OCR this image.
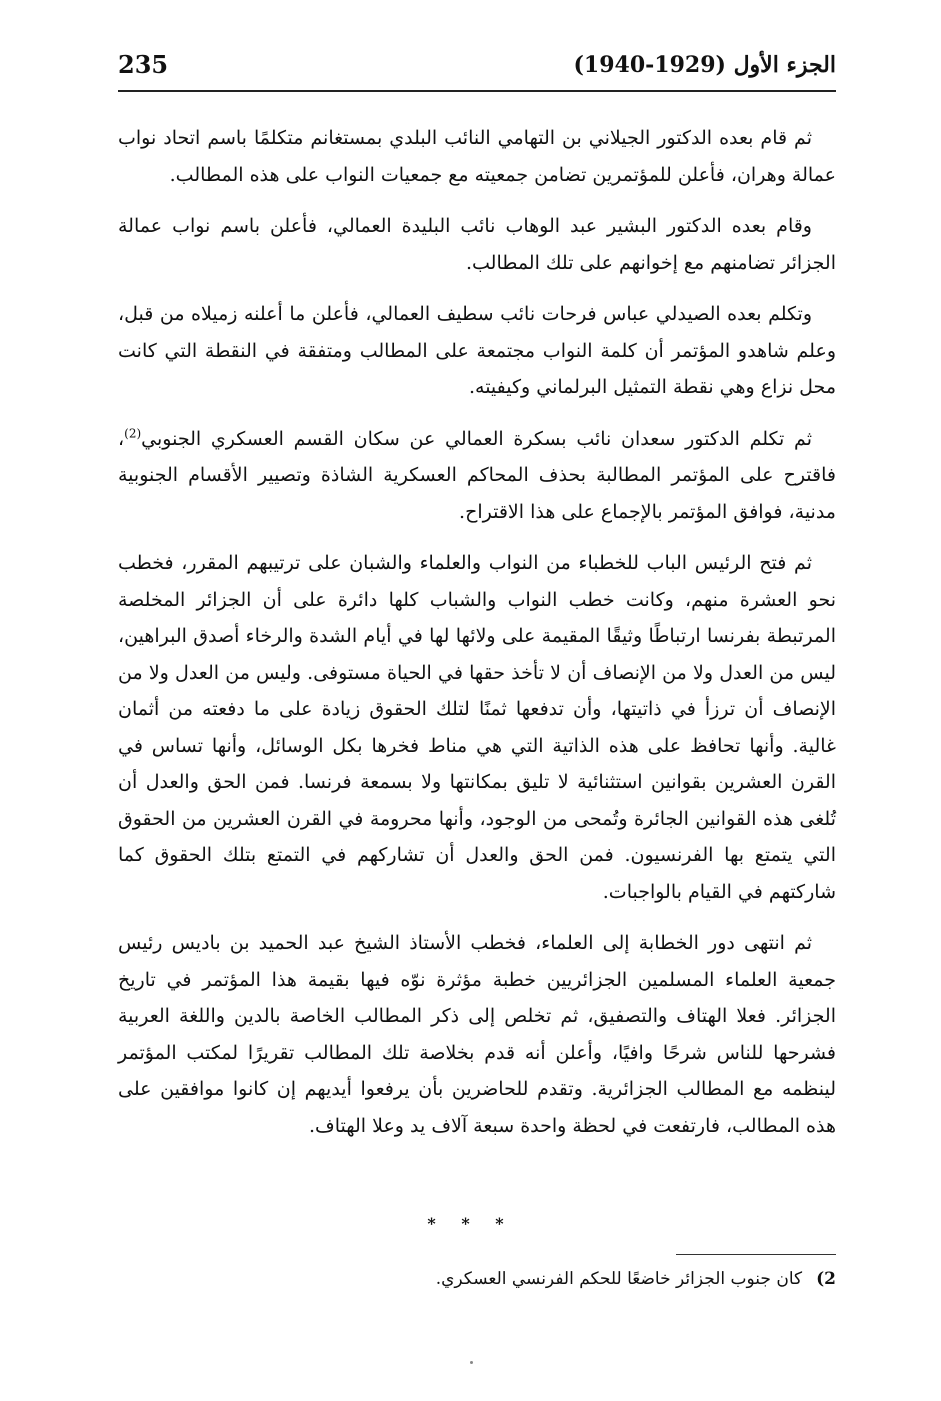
235	الجزء الأول (1929-1940)

ثم قام بعده الدكتور الجيلاني بن التهامي النائب البلدي بمستغانم متكلمًا باسم اتحاد نواب عمالة وهران، فأعلن للمؤتمرين تضامن جمعيته مع جمعيات النواب على هذه المطالب.

وقام بعده الدكتور البشير عبد الوهاب نائب البليدة العمالي، فأعلن باسم نواب عمالة الجزائر تضامنهم مع إخوانهم على تلك المطالب.

وتكلم بعده الصيدلي عباس فرحات نائب سطيف العمالي، فأعلن ما أعلنه زميلاه من قبل، وعلم شاهدو المؤتمر أن كلمة النواب مجتمعة على المطالب ومتفقة في النقطة التي كانت محل نزاع وهي نقطة التمثيل البرلماني وكيفيته.

ثم تكلم الدكتور سعدان نائب بسكرة العمالي عن سكان القسم العسكري الجنوبي$^{(2)}$، فاقترح على المؤتمر المطالبة بحذف المحاكم العسكرية الشاذة وتصيير الأقسام الجنوبية مدنية، فوافق المؤتمر بالإجماع على هذا الاقتراح.

ثم فتح الرئيس الباب للخطباء من النواب والعلماء والشبان على ترتيبهم المقرر، فخطب نحو العشرة منهم، وكانت خطب النواب والشباب كلها دائرة على أن الجزائر المخلصة المرتبطة بفرنسا ارتباطًا وثيقًا المقيمة على ولائها لها في أيام الشدة والرخاء أصدق البراهين، ليس من العدل ولا من الإنصاف أن لا تأخذ حقها في الحياة مستوفى. وليس من العدل ولا من الإنصاف أن ترزأ في ذاتيتها، وأن تدفعها ثمنًا لتلك الحقوق زيادة على ما دفعته من أثمان غالية. وأنها تحافظ على هذه الذاتية التي هي مناط فخرها بكل الوسائل، وأنها تساس في القرن العشرين بقوانين استثنائية لا تليق بمكانتها ولا بسمعة فرنسا. فمن الحق والعدل أن تُلغى هذه القوانين الجائرة وتُمحى من الوجود، وأنها محرومة في القرن العشرين من الحقوق التي يتمتع بها الفرنسيون. فمن الحق والعدل أن تشاركهم في التمتع بتلك الحقوق كما شاركتهم في القيام بالواجبات.

ثم انتهى دور الخطابة إلى العلماء، فخطب الأستاذ الشيخ عبد الحميد بن باديس رئيس جمعية العلماء المسلمين الجزائريين خطبة مؤثرة نوّه فيها بقيمة هذا المؤتمر في تاريخ الجزائر. فعلا الهتاف والتصفيق، ثم تخلص إلى ذكر المطالب الخاصة بالدين واللغة العربية فشرحها للناس شرحًا وافيًا، وأعلن أنه قدم بخلاصة تلك المطالب تقريرًا لمكتب المؤتمر لينظمه مع المطالب الجزائرية. وتقدم للحاضرين بأن يرفعوا أيديهم إن كانوا موافقين على هذه المطالب، فارتفعت في لحظة واحدة سبعة آلاف يد وعلا الهتاف.

* * *
2)كان جنوب الجزائر خاضعًا للحكم الفرنسي العسكري.
